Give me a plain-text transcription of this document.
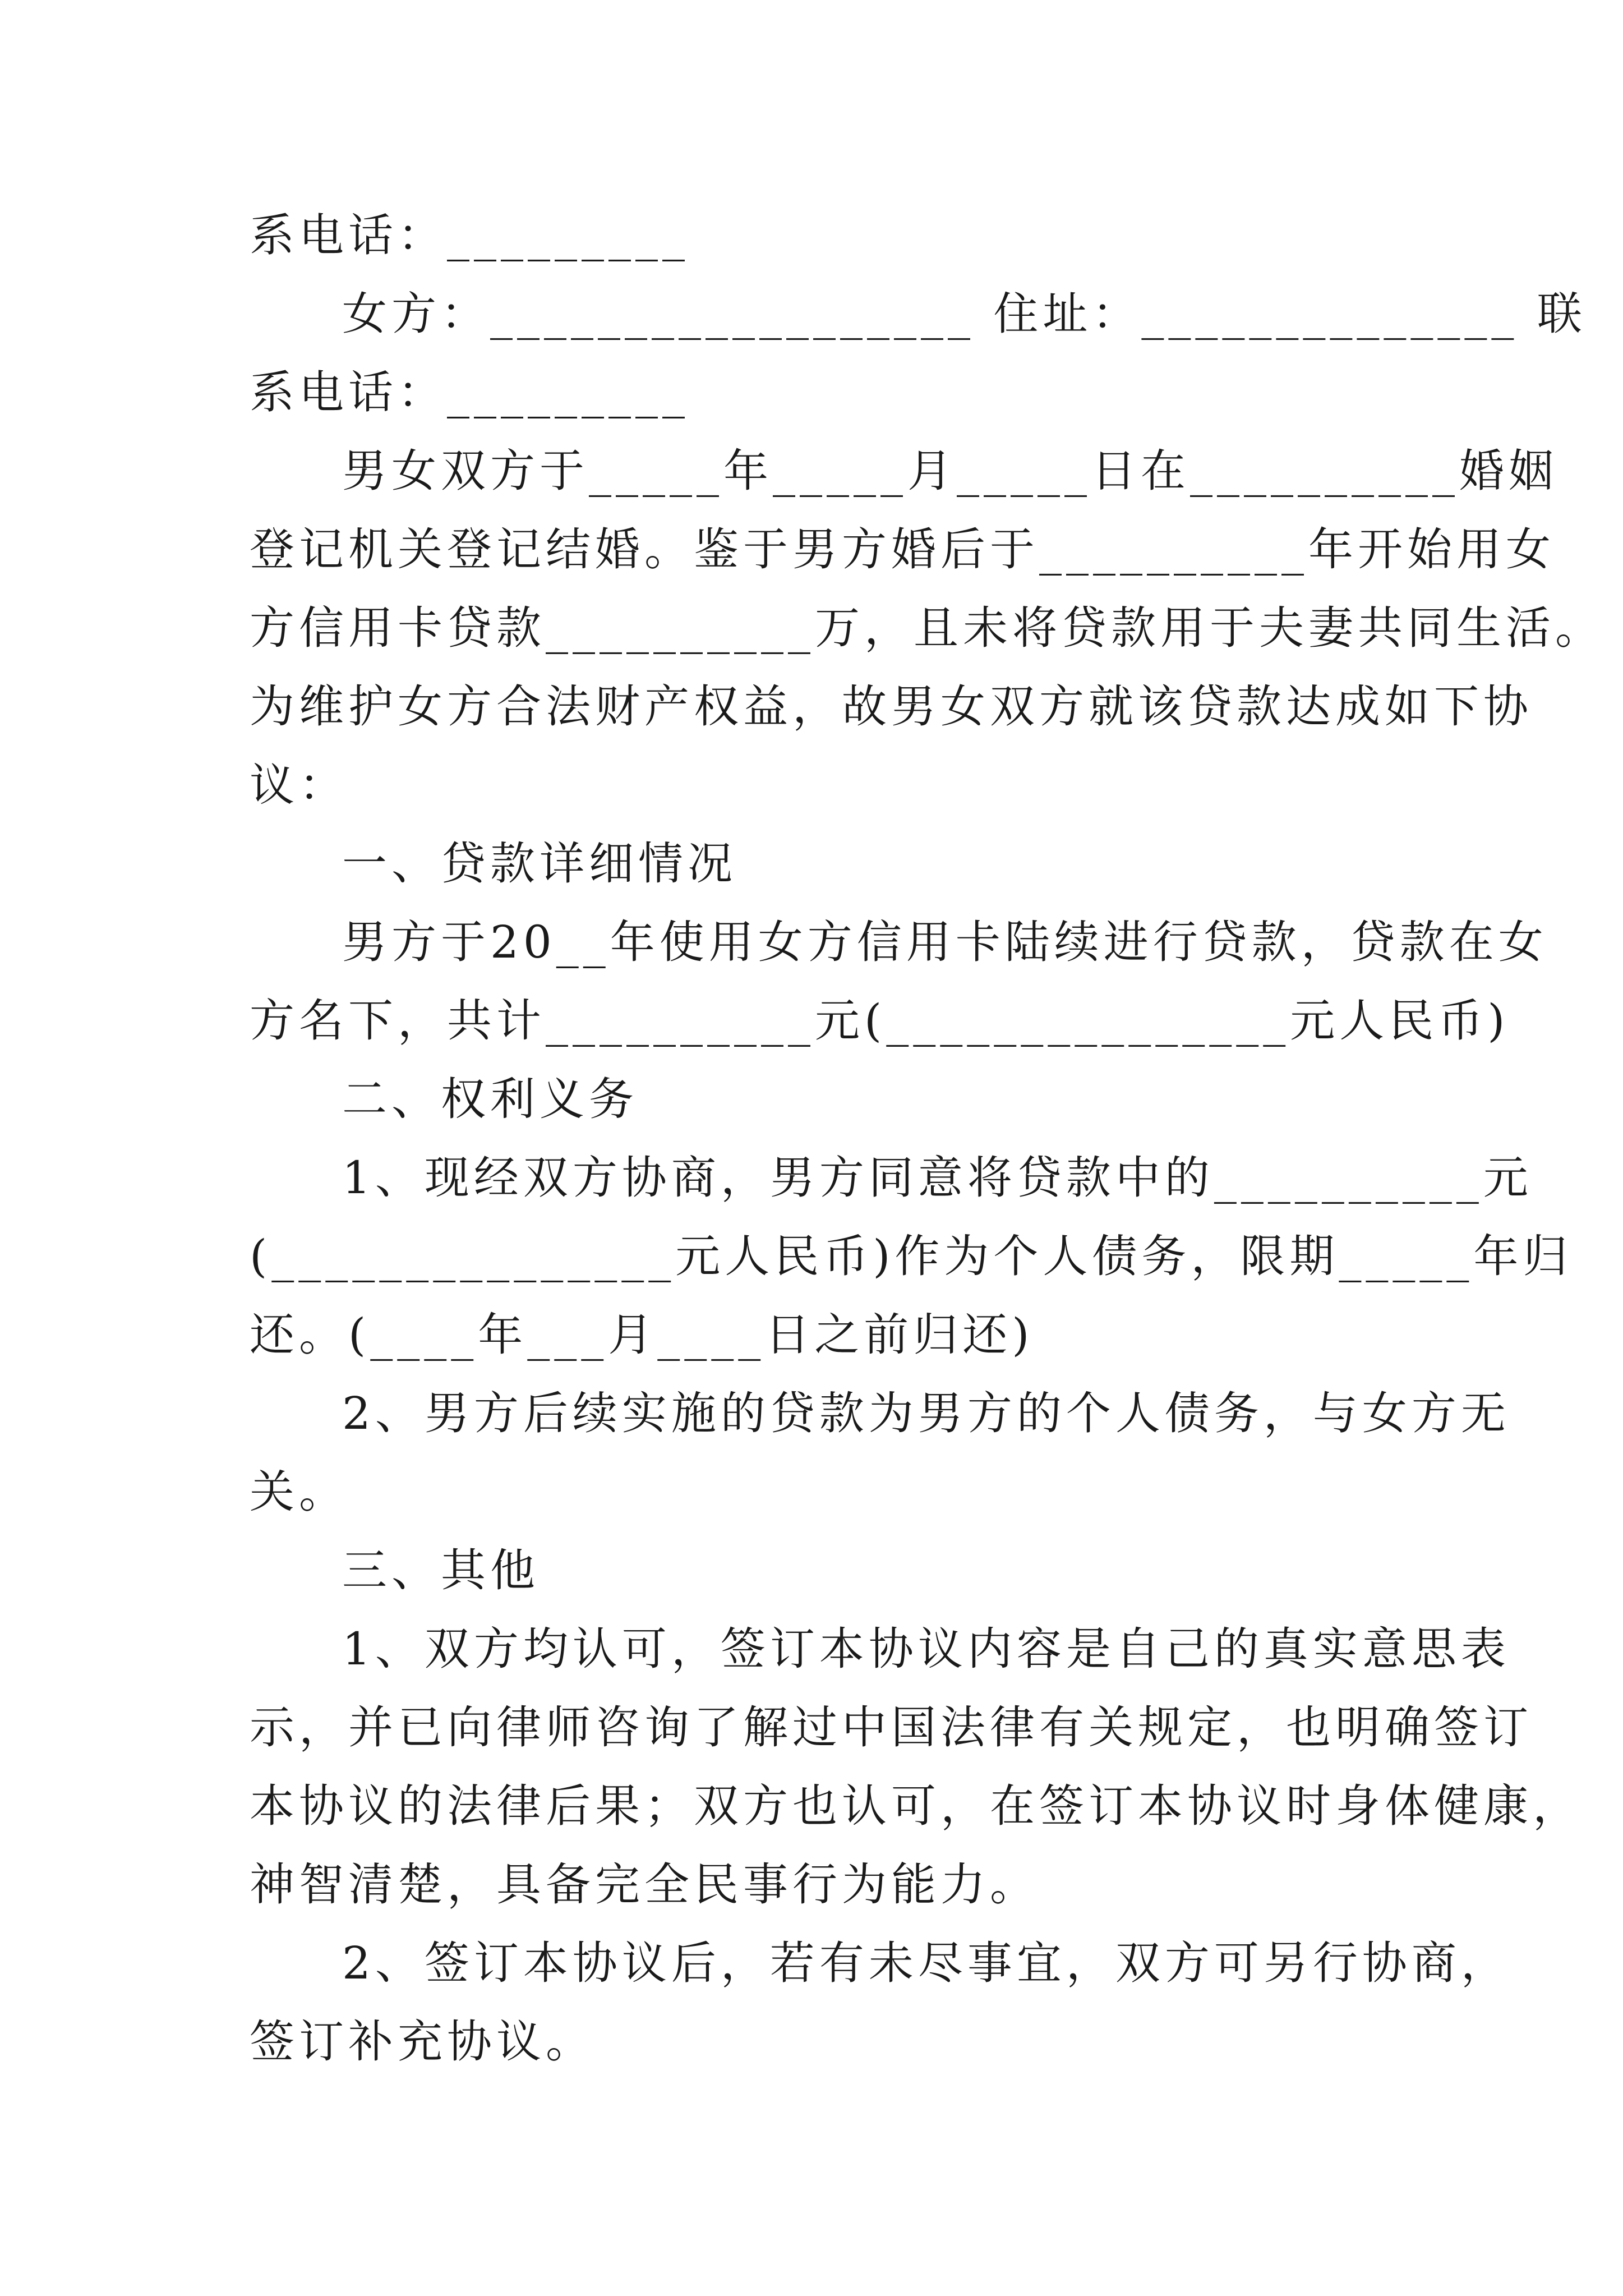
系电话：_________
女方：__________________ 住址：______________ 联
系电话：_________
男女双方于_____年_____月_____日在__________婚姻
登记机关登记结婚。鉴于男方婚后于__________年开始用女
方信用卡贷款__________万，且未将贷款用于夫妻共同生活。
为维护女方合法财产权益，故男女双方就该贷款达成如下协
议：
一、贷款详细情况
男方于20__年使用女方信用卡陆续进行贷款，贷款在女
方名下，共计__________元(_______________元人民币)
二、权利义务
1、现经双方协商，男方同意将贷款中的__________元
(_______________元人民币)作为个人债务，限期_____年归
还。(____年___月____日之前归还)
2、男方后续实施的贷款为男方的个人债务，与女方无
关。
三、其他
1、双方均认可，签订本协议内容是自己的真实意思表
示，并已向律师咨询了解过中国法律有关规定，也明确签订
本协议的法律后果；双方也认可，在签订本协议时身体健康，
神智清楚，具备完全民事行为能力。
2、签订本协议后，若有未尽事宜，双方可另行协商，
签订补充协议。
